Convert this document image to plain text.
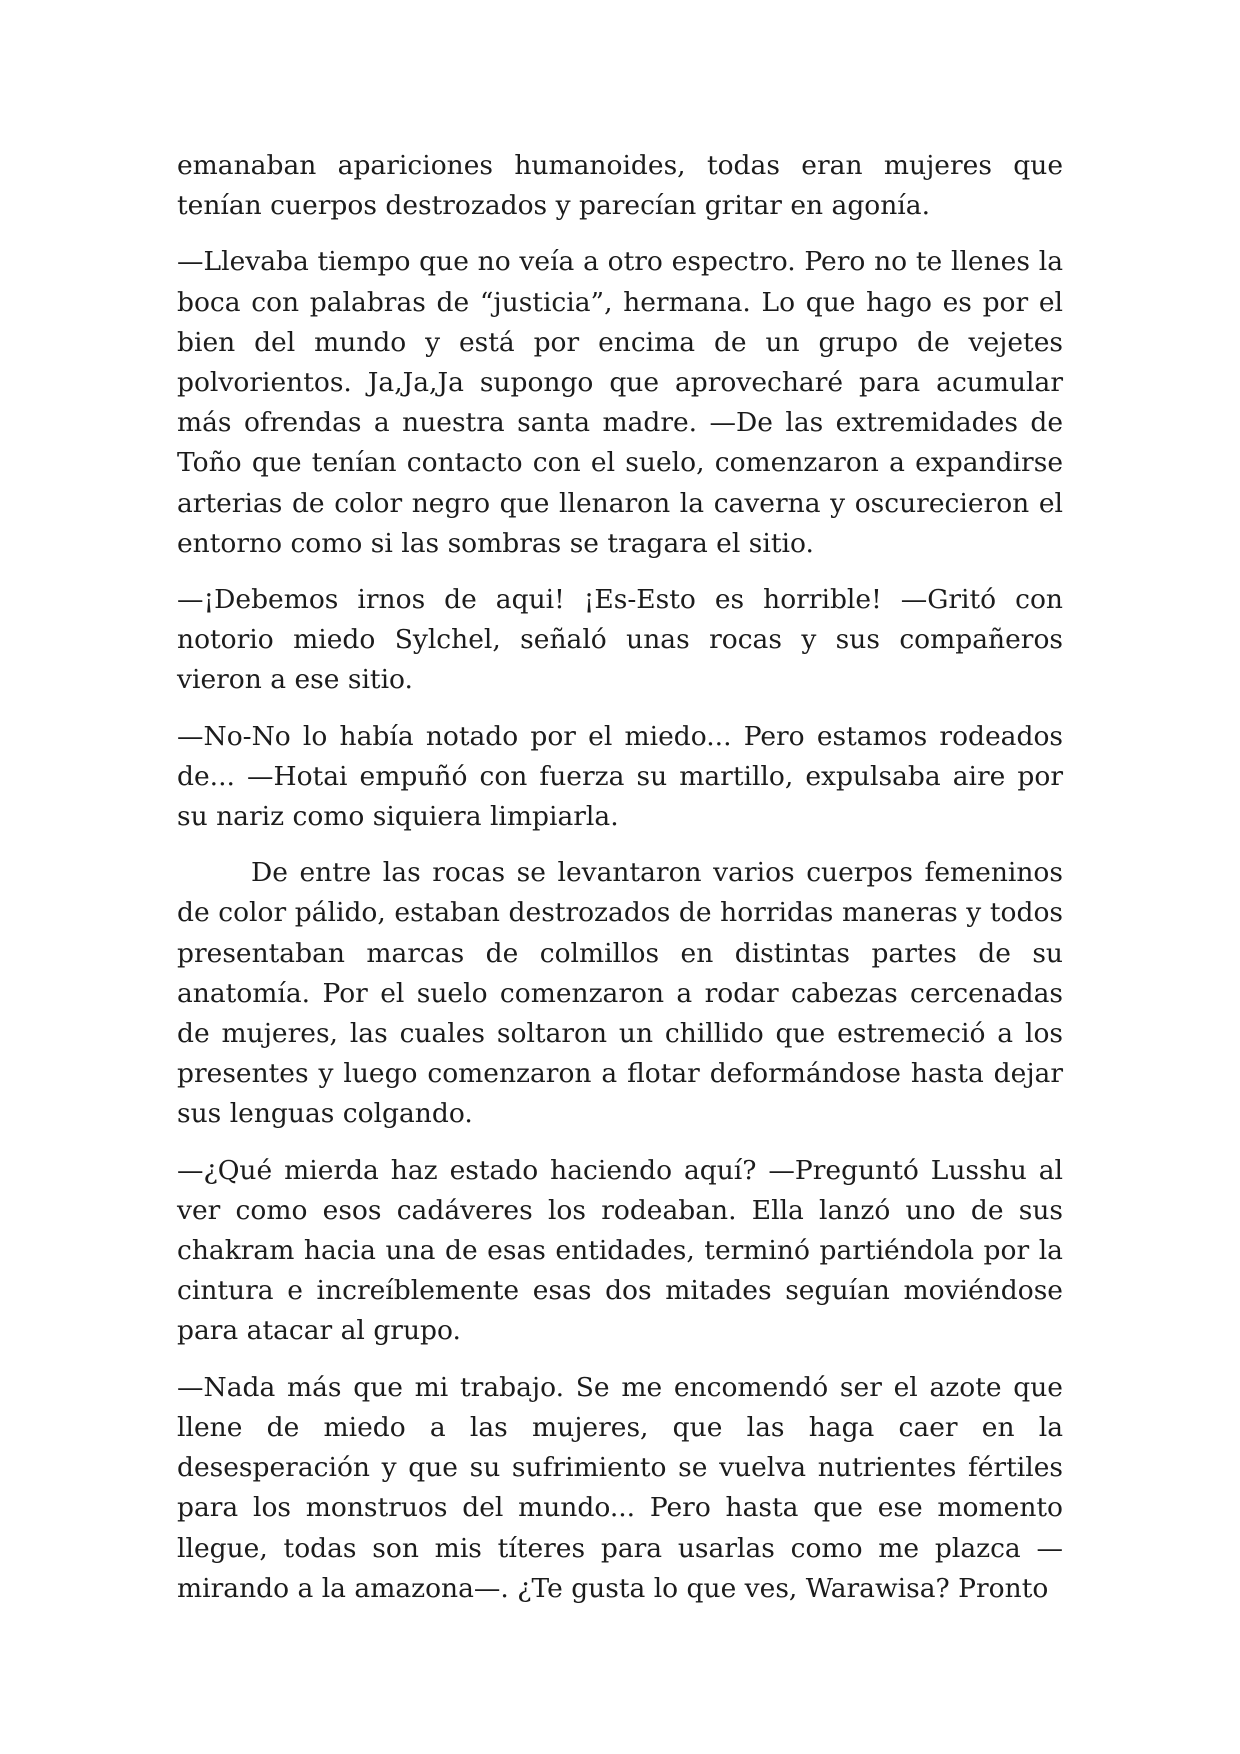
emanaban apariciones humanoides, todas eran mujeres que tenían cuerpos destrozados y parecían gritar en agonía.

—Llevaba tiempo que no veía a otro espectro. Pero no te llenes la boca con palabras de “justicia”, hermana. Lo que hago es por el bien del mundo y está por encima de un grupo de vejetes polvorientos. Ja,Ja,Ja supongo que aprovecharé para acumular más ofrendas a nuestra santa madre. —De las extremidades de Toño que tenían contacto con el suelo, comenzaron a expandirse arterias de color negro que llenaron la caverna y oscurecieron el entorno como si las sombras se tragara el sitio.

—¡Debemos irnos de aqui! ¡Es-Esto es horrible! —Gritó con notorio miedo Sylchel, señaló unas rocas y sus compañeros vieron a ese sitio.

—No-No lo había notado por el miedo... Pero estamos rodeados de... —Hotai empuñó con fuerza su martillo, expulsaba aire por su nariz como siquiera limpiarla.

De entre las rocas se levantaron varios cuerpos femeninos de color pálido, estaban destrozados de horridas maneras y todos presentaban marcas de colmillos en distintas partes de su anatomía. Por el suelo comenzaron a rodar cabezas cercenadas de mujeres, las cuales soltaron un chillido que estremeció a los presentes y luego comenzaron a flotar deformándose hasta dejar sus lenguas colgando.

—¿Qué mierda haz estado haciendo aquí? —Preguntó Lusshu al ver como esos cadáveres los rodeaban. Ella lanzó uno de sus chakram hacia una de esas entidades, terminó partiéndola por la cintura e increíblemente esas dos mitades seguían moviéndose para atacar al grupo.

—Nada más que mi trabajo. Se me encomendó ser el azote que llene de miedo a las mujeres, que las haga caer en la desesperación y que su sufrimiento se vuelva nutrientes fértiles para los monstruos del mundo... Pero hasta que ese momento llegue, todas son mis títeres para usarlas como me plazca —mirando a la amazona—. ¿Te gusta lo que ves, Warawisa? Pronto
